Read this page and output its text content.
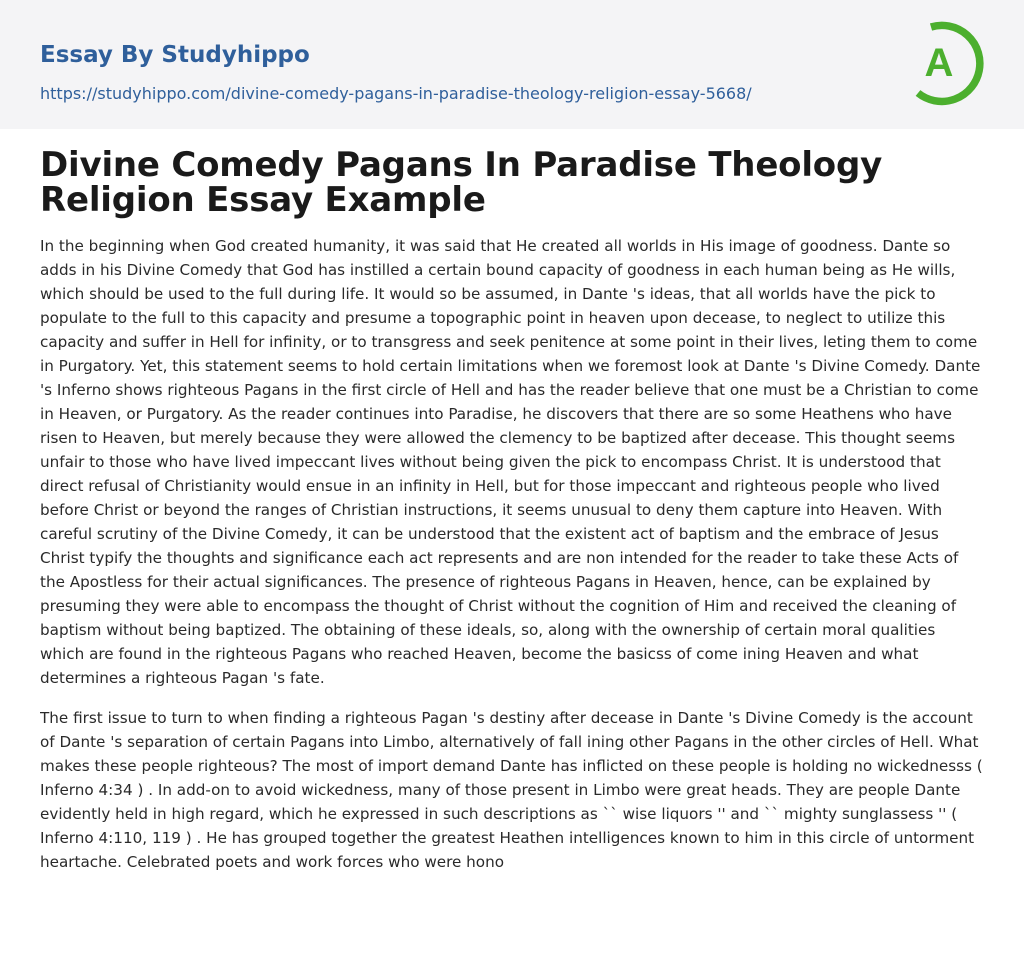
Essay By Studyhippo
https://studyhippo.com/divine-comedy-pagans-in-paradise-theology-religion-essay-5668/
A
Divine Comedy Pagans In Paradise Theology Religion Essay Example

In the beginning when God created humanity, it was said that He created all worlds in His image of goodness. Dante so adds in his Divine Comedy that God has instilled a certain bound capacity of goodness in each human being as He wills, which should be used to the full during life. It would so be assumed, in Dante 's ideas, that all worlds have the pick to populate to the full to this capacity and presume a topographic point in heaven upon decease, to neglect to utilize this capacity and suffer in Hell for infinity, or to transgress and seek penitence at some point in their lives, leting them to come in Purgatory. Yet, this statement seems to hold certain limitations when we foremost look at Dante 's Divine Comedy. Dante 's Inferno shows righteous Pagans in the first circle of Hell and has the reader believe that one must be a Christian to come in Heaven, or Purgatory. As the reader continues into Paradise, he discovers that there are so some Heathens who have risen to Heaven, but merely because they were allowed the clemency to be baptized after decease. This thought seems unfair to those who have lived impeccant lives without being given the pick to encompass Christ. It is understood that direct refusal of Christianity would ensue in an infinity in Hell, but for those impeccant and righteous people who lived before Christ or beyond the ranges of Christian instructions, it seems unusual to deny them capture into Heaven. With careful scrutiny of the Divine Comedy, it can be understood that the existent act of baptism and the embrace of Jesus Christ typify the thoughts and significance each act represents and are non intended for the reader to take these Acts of the Apostless for their actual significances. The presence of righteous Pagans in Heaven, hence, can be explained by presuming they were able to encompass the thought of Christ without the cognition of Him and received the cleaning of baptism without being baptized. The obtaining of these ideals, so, along with the ownership of certain moral qualities which are found in the righteous Pagans who reached Heaven, become the basicss of come ining Heaven and what determines a righteous Pagan 's fate.

The first issue to turn to when finding a righteous Pagan 's destiny after decease in Dante 's Divine Comedy is the account of Dante 's separation of certain Pagans into Limbo, alternatively of fall ining other Pagans in the other circles of Hell. What makes these people righteous? The most of import demand Dante has inflicted on these people is holding no wickednesss ( Inferno 4:34 ) . In add-on to avoid wickedness, many of those present in Limbo were great heads. They are people Dante evidently held in high regard, which he expressed in such descriptions as `` wise liquors '' and `` mighty sunglassess '' ( Inferno 4:110, 119 ) . He has grouped together the greatest Heathen intelligences known to him in this circle of untorment heartache. Celebrated poets and work forces who were hono
